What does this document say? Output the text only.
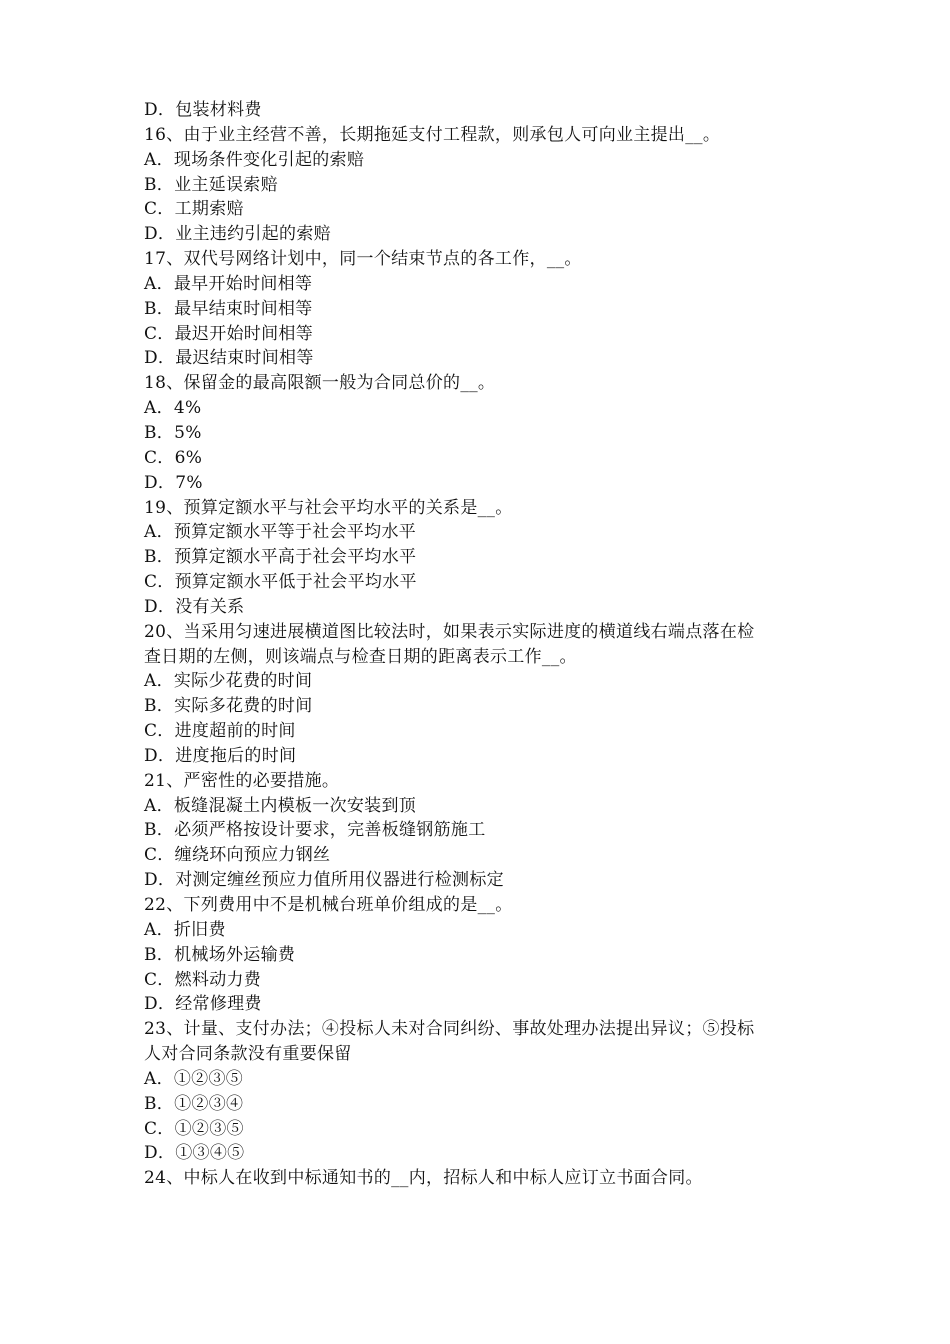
D．包装材料费
16、由于业主经营不善，长期拖延支付工程款，则承包人可向业主提出__。
A．现场条件变化引起的索赔
B．业主延误索赔
C．工期索赔
D．业主违约引起的索赔
17、双代号网络计划中，同一个结束节点的各工作，__。
A．最早开始时间相等
B．最早结束时间相等
C．最迟开始时间相等
D．最迟结束时间相等
18、保留金的最高限额一般为合同总价的__。
A．4%
B．5%
C．6%
D．7%
19、预算定额水平与社会平均水平的关系是__。
A．预算定额水平等于社会平均水平
B．预算定额水平高于社会平均水平
C．预算定额水平低于社会平均水平
D．没有关系
20、当采用匀速进展横道图比较法时，如果表示实际进度的横道线右端点落在检
查日期的左侧，则该端点与检查日期的距离表示工作__。
A．实际少花费的时间
B．实际多花费的时间
C．进度超前的时间
D．进度拖后的时间
21、严密性的必要措施。
A．板缝混凝土内模板一次安装到顶
B．必须严格按设计要求，完善板缝钢筋施工
C．缠绕环向预应力钢丝
D．对测定缠丝预应力值所用仪器进行检测标定
22、下列费用中不是机械台班单价组成的是__。
A．折旧费
B．机械场外运输费
C．燃料动力费
D．经常修理费
23、计量、支付办法；④投标人未对合同纠纷、事故处理办法提出异议；⑤投标
人对合同条款没有重要保留
A．①②③⑤
B．①②③④
C．①②③⑤
D．①③④⑤
24、中标人在收到中标通知书的__内，招标人和中标人应订立书面合同。
